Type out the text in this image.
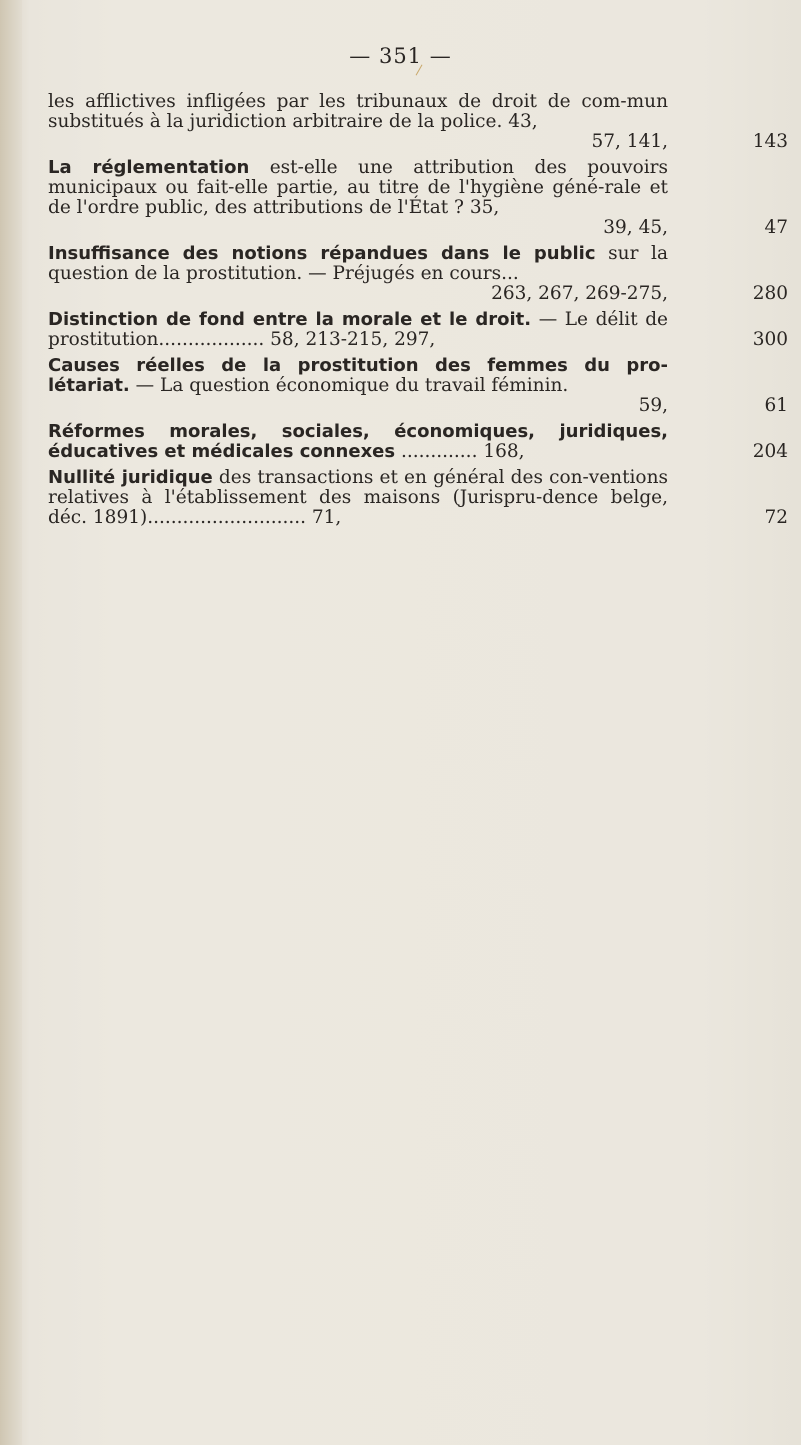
— 351 —
les afflictives infligées par les tribunaux de droit de com-mun substitués à la juridiction arbitraire de la police. 43,
57, 141,	143
La réglementation est-elle une attribution des pouvoirs municipaux ou fait-elle partie, au titre de l'hygiène géné-rale et de l'ordre public, des attributions de l'État ? 35,
39, 45,	47
Insuffisance des notions répandues dans le public sur la question de la prostitution. — Préjugés en cours...
263, 267, 269-275,	280
Distinction de fond entre la morale et le droit. — Le délit de prostitution.................. 58, 213-215, 297,	300
Causes réelles de la prostitution des femmes du pro-létariat. — La question économique du travail féminin.
59,	61
Réformes morales, sociales, économiques, juridiques, éducatives et médicales connexes ............. 168,	204
Nullité juridique des transactions et en général des con-ventions relatives à l'établissement des maisons (Jurispru-dence belge, déc. 1891)........................... 71,	72
